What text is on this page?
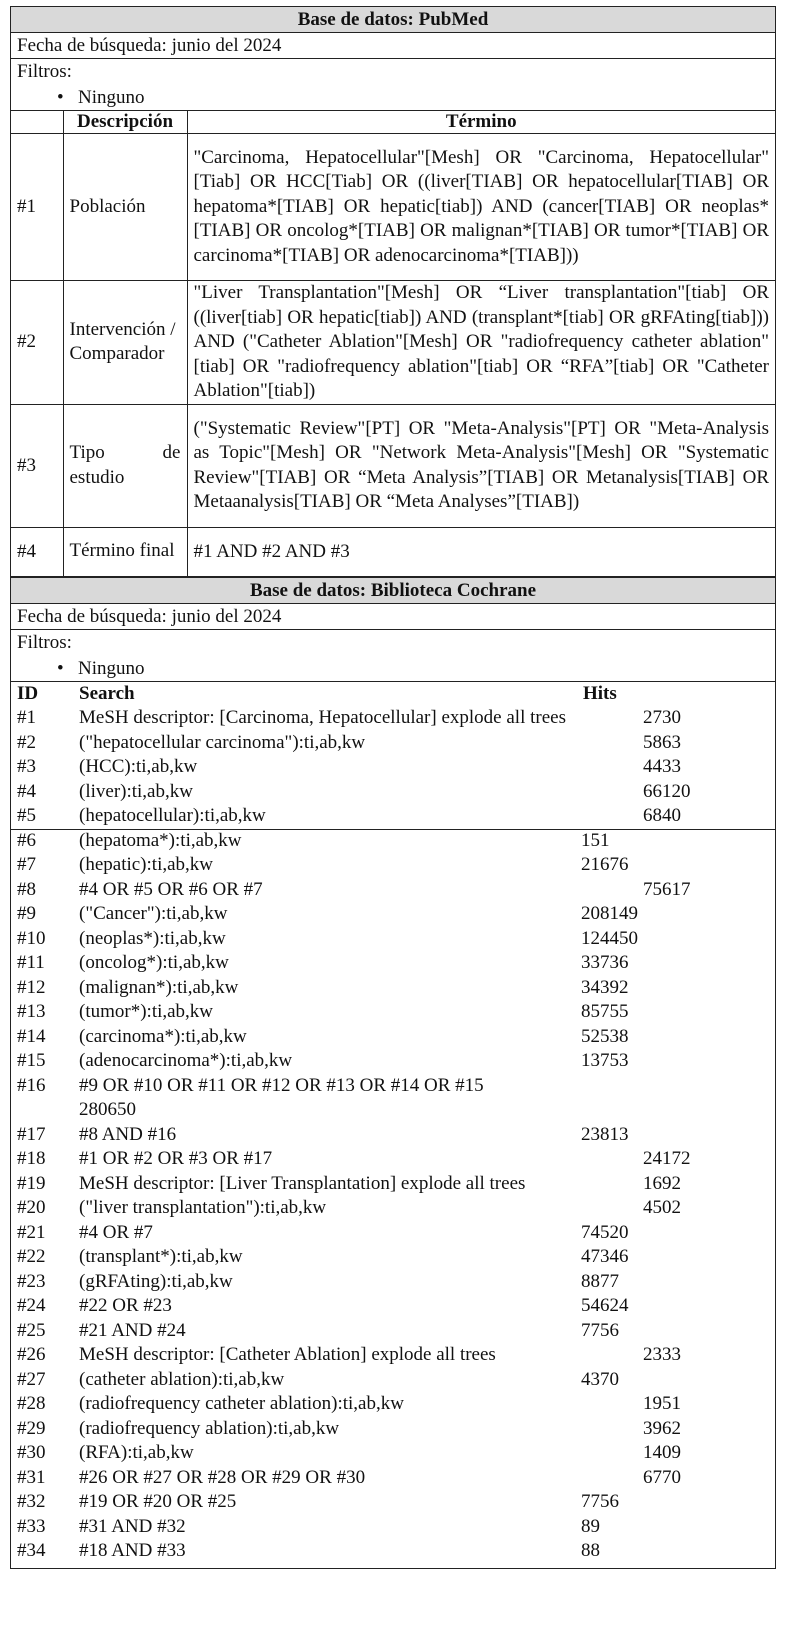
Base de datos: PubMed
Fecha de búsqueda: junio del 2024
Filtros:
• Ninguno
	Descripción	Término
#1	Población	"Carcinoma, Hepatocellular"[Mesh] OR "Carcinoma, Hepatocellular"[Tiab] OR HCC[Tiab] OR ((liver[TIAB] OR hepatocellular[TIAB] OR hepatoma*[TIAB] OR hepatic[tiab]) AND (cancer[TIAB] OR neoplas*[TIAB] OR oncolog*[TIAB] OR malignan*[TIAB] OR tumor*[TIAB] OR carcinoma*[TIAB] OR adenocarcinoma*[TIAB]))
#2	Intervención / Comparador	"Liver Transplantation"[Mesh] OR “Liver transplantation"[tiab] OR ((liver[tiab] OR hepatic[tiab]) AND (transplant*[tiab] OR gRFAting[tiab])) AND ("Catheter Ablation"[Mesh] OR "radiofrequency catheter ablation"[tiab] OR "radiofrequency ablation"[tiab] OR “RFA”[tiab] OR "Catheter Ablation"[tiab])
#3	Tipo de estudio	("Systematic Review"[PT] OR "Meta-Analysis"[PT] OR "Meta-Analysis as Topic"[Mesh] OR "Network Meta-Analysis"[Mesh] OR "Systematic Review"[TIAB] OR “Meta Analysis”[TIAB] OR Metanalysis[TIAB] OR Metaanalysis[TIAB] OR “Meta Analyses”[TIAB])
#4	Término final	#1 AND #2 AND #3
Base de datos: Biblioteca Cochrane
Fecha de búsqueda: junio del 2024
Filtros:
• Ninguno
ID Search	Hits
#1 MeSH descriptor: [Carcinoma, Hepatocellular] explode all trees	2730
#2 ("hepatocellular carcinoma"):ti,ab,kw	5863
#3 (HCC):ti,ab,kw	4433
#4 (liver):ti,ab,kw	66120
#5 (hepatocellular):ti,ab,kw	6840
#6 (hepatoma*):ti,ab,kw	151
#7 (hepatic):ti,ab,kw	21676
#8 #4 OR #5 OR #6 OR #7	75617
#9 ("Cancer"):ti,ab,kw	208149
#10 (neoplas*):ti,ab,kw	124450
#11 (oncolog*):ti,ab,kw	33736
#12 (malignan*):ti,ab,kw	34392
#13 (tumor*):ti,ab,kw	85755
#14 (carcinoma*):ti,ab,kw	52538
#15 (adenocarcinoma*):ti,ab,kw	13753
#16 #9 OR #10 OR #11 OR #12 OR #13 OR #14 OR #15
280650
#17 #8 AND #16	23813
#18 #1 OR #2 OR #3 OR #17	24172
#19 MeSH descriptor: [Liver Transplantation] explode all trees	1692
#20 ("liver transplantation"):ti,ab,kw	4502
#21 #4 OR #7	74520
#22 (transplant*):ti,ab,kw	47346
#23 (gRFAting):ti,ab,kw	8877
#24 #22 OR #23	54624
#25 #21 AND #24	7756
#26 MeSH descriptor: [Catheter Ablation] explode all trees	2333
#27 (catheter ablation):ti,ab,kw	4370
#28 (radiofrequency catheter ablation):ti,ab,kw	1951
#29 (radiofrequency ablation):ti,ab,kw	3962
#30 (RFA):ti,ab,kw	1409
#31 #26 OR #27 OR #28 OR #29 OR #30	6770
#32 #19 OR #20 OR #25	7756
#33 #31 AND #32	89
#34 #18 AND #33	88
